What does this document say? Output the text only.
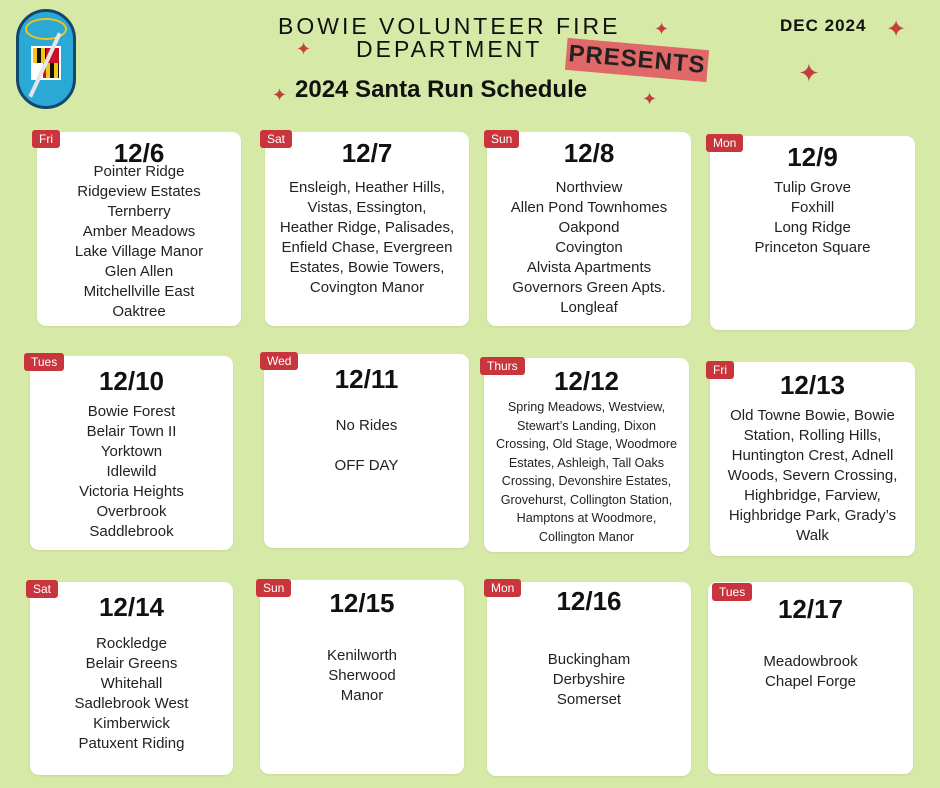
BOWIE VOLUNTEER FIRE
DEPARTMENT PRESENTS
2024 Santa Run Schedule
DEC 2024
✦
✦
✦
✦
✦	✦
12/6
Pointer Ridge
Ridgeview Estates
Ternberry
Amber Meadows
Lake Village Manor
Glen Allen
Mitchellville East
Oaktree
Fri	12/7
Ensleigh, Heather Hills,
Vistas, Essington,
Heather Ridge, Palisades,
Enfield Chase, Evergreen
Estates, Bowie Towers,
Covington Manor
Sat	12/8
Northview
Allen Pond Townhomes
Oakpond
Covington
Alvista Apartments
Governors Green Apts.
Longleaf
Sun
12/9
Tulip Grove
Foxhill
Long Ridge
Princeton Square
Mon
12/10
Bowie Forest
Belair Town II
Yorktown
Idlewild
Victoria Heights
Overbrook
Saddlebrook
Tues
12/11
No Rides

OFF DAY
Wed
12/12
Spring Meadows, Westview,
Stewart’s Landing, Dixon
Crossing, Old Stage, Woodmore
Estates, Ashleigh, Tall Oaks
Crossing, Devonshire Estates,
Grovehurst, Collington Station,
Hamptons at Woodmore,
Collington Manor
Thurs
12/13
Old Towne Bowie, Bowie
Station, Rolling Hills,
Huntington Crest, Adnell
Woods, Severn Crossing,
Highbridge, Farview,
Highbridge Park, Grady’s
Walk
Fri
12/14
Rockledge
Belair Greens
Whitehall
Sadlebrook West
Kimberwick
Patuxent Riding
Sat	12/15
Kenilworth
Sherwood
Manor
Sun	12/16
Buckingham
Derbyshire
Somerset
Mon
12/17
Meadowbrook
Chapel Forge
Tues
